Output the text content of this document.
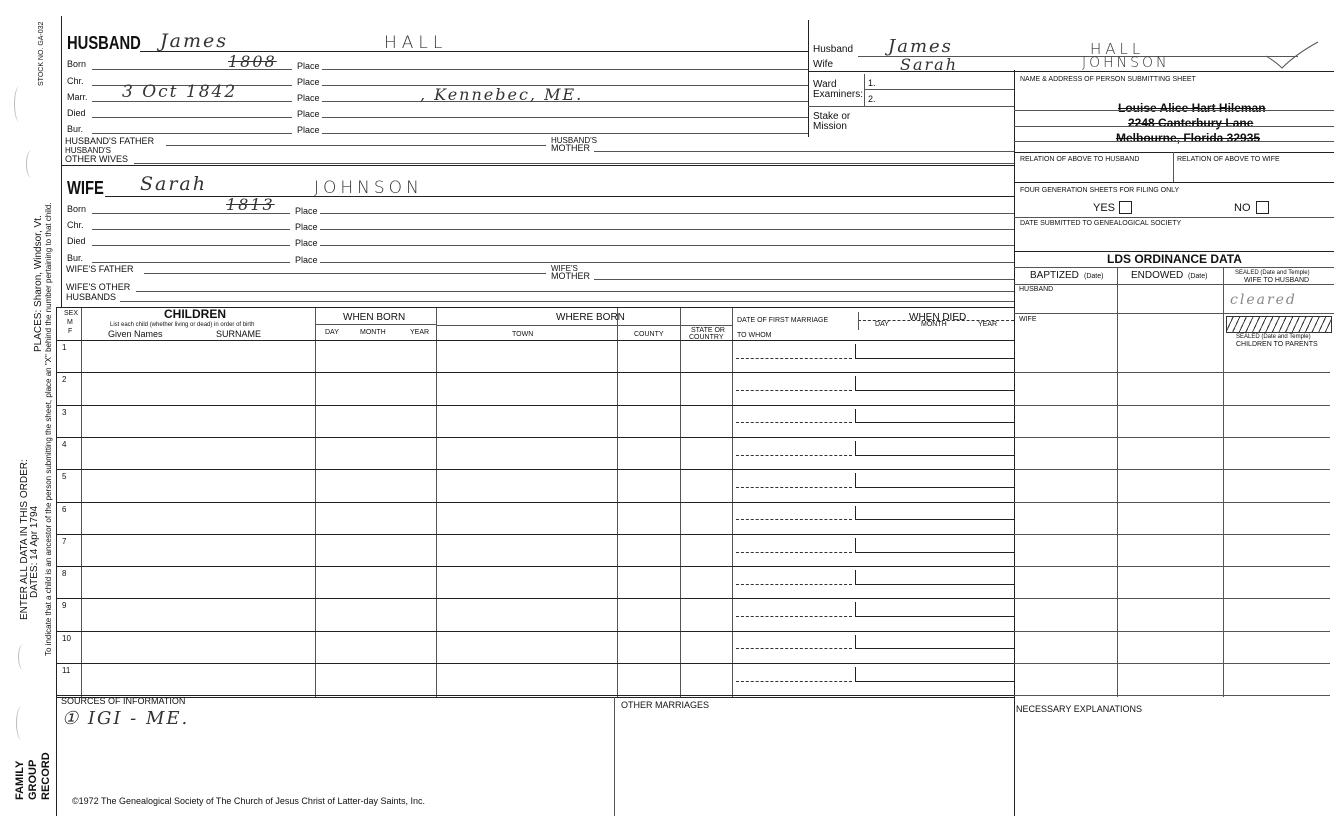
STOCK NO. GA-032
PLACES: Sharon, Windsor, Vt. To indicate that a child is an ancestor of the person submitting the sheet, place an "X" behind the number pertaining to that child.
ENTER ALL DATA IN THIS ORDER: DATES: 14 Apr 1794
FAMILY GROUP RECORD
HUSBAND James	HALL
Born	1808 Place
Chr.	Place
Marr. 3 Oct 1842	Place	, Kennebec, ME.
Died	Place
Bur.	Place
HUSBAND'S FATHER	HUSBAND'S
MOTHER
HUSBAND'S
OTHER WIVES
WIFE Sarah	JOHNSON
Born	1813 Place
Chr.	Place
Died	Place
Bur.	Place
WIFE'S FATHER	WIFE'S
MOTHER
WIFE'S OTHER
HUSBANDS
Husband James	HALL
Wife	Sarah	JOHNSON
Ward
Examiners:
1.
2.
Stake or
Mission
NAME & ADDRESS OF PERSON SUBMITTING SHEET
Louise Alice Hart Hileman
2248 Canterbury Lane
Melbourne, Florida 32935
RELATION OF ABOVE TO HUSBAND	RELATION OF ABOVE TO WIFE
FOUR GENERATION SHEETS FOR FILING ONLY
YES	NO
DATE SUBMITTED TO GENEALOGICAL SOCIETY
LDS ORDINANCE DATA
BAPTIZED (Date)	ENDOWED (Date)	SEALED (Date and Temple)
WIFE TO HUSBAND
HUSBAND
cleared
WIFE
SEALED (Date and Temple)
CHILDREN TO PARENTS
SEX
M
F
CHILDREN
List each child (whether living or dead) in order of birth
Given Names	SURNAME
WHEN BORN
DAY	MONTH	YEAR
WHERE BORN
TOWN	COUNTY
STATE OR
COUNTRY
DATE OF FIRST MARRIAGE
TO WHOM
WHEN DIED
DAY	MONTH	YEAR
1
2
3
4
5
6
7
8
9
10
11
SOURCES OF INFORMATION
① IGI - ME.
OTHER MARRIAGES	NECESSARY EXPLANATIONS
©1972 The Genealogical Society of The Church of Jesus Christ of Latter-day Saints, Inc.
